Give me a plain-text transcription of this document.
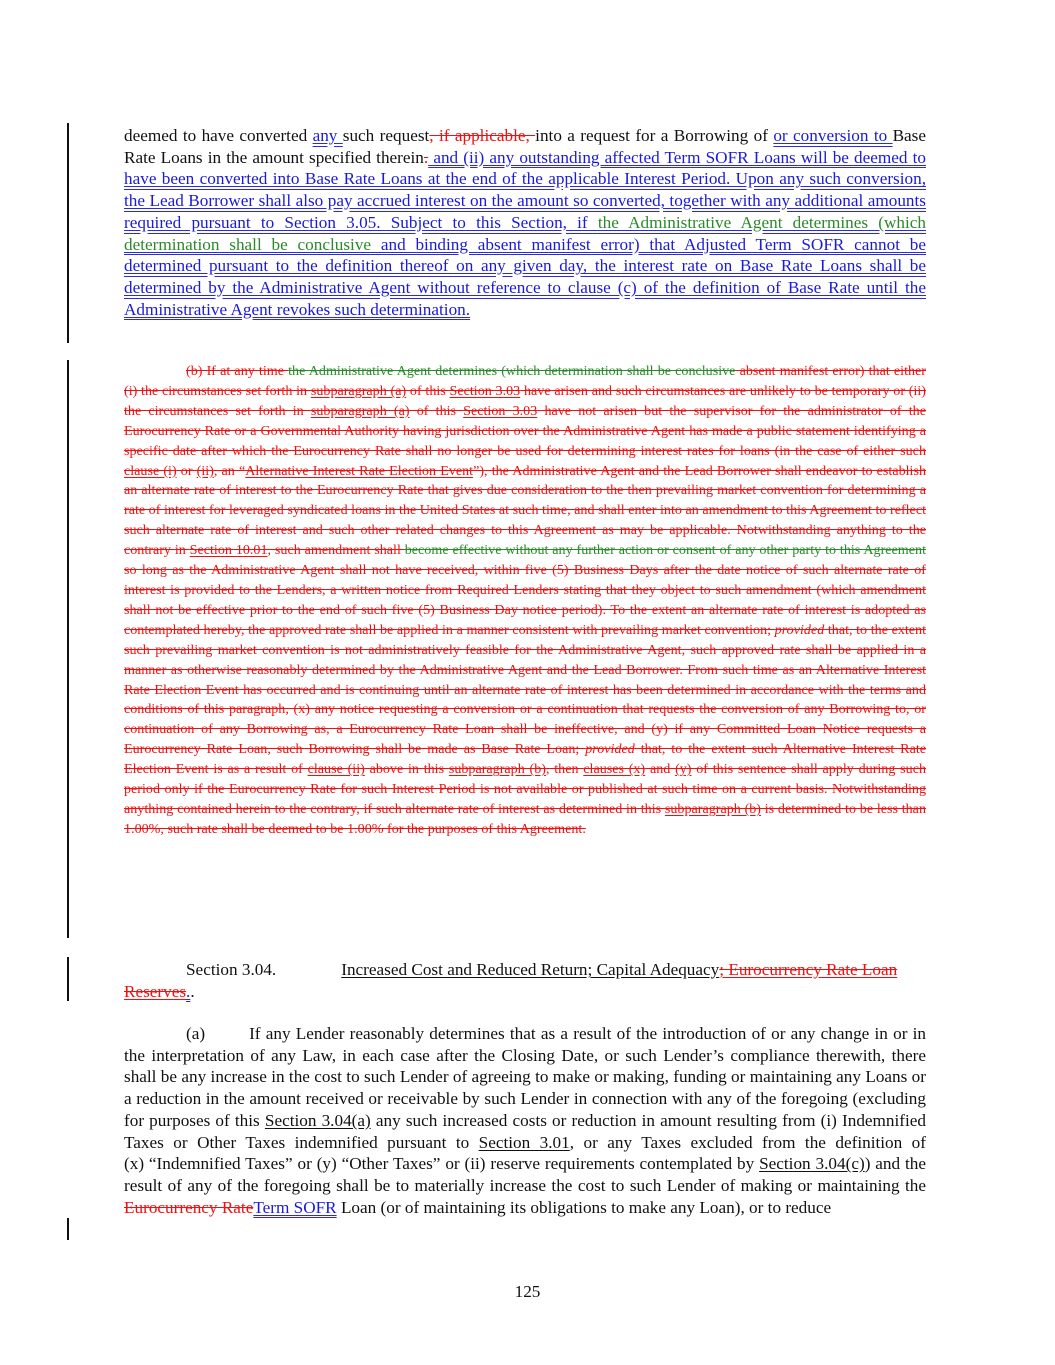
deemed to have converted any such request, if applicable, into a request for a Borrowing of or conversion to Base Rate Loans in the amount specified therein. and (ii) any outstanding affected Term SOFR Loans will be deemed to have been converted into Base Rate Loans at the end of the applicable Interest Period. Upon any such conversion, the Lead Borrower shall also pay accrued interest on the amount so converted, together with any additional amounts required pursuant to Section 3.05. Subject to this Section, if the Administrative Agent determines (which determination shall be conclusive and binding absent manifest error) that Adjusted Term SOFR cannot be determined pursuant to the definition thereof on any given day, the interest rate on Base Rate Loans shall be determined by the Administrative Agent without reference to clause (c) of the definition of Base Rate until the Administrative Agent revokes such determination.

(b) If at any time the Administrative Agent determines (which determination shall be conclusive absent manifest error) that either (i) the circumstances set forth in subparagraph (a) of this Section 3.03 have arisen and such circumstances are unlikely to be temporary or (ii) the circumstances set forth in subparagraph (a) of this Section 3.03 have not arisen but the supervisor for the administrator of the Eurocurrency Rate or a Governmental Authority having jurisdiction over the Administrative Agent has made a public statement identifying a specific date after which the Eurocurrency Rate shall no longer be used for determining interest rates for loans (in the case of either such clause (i) or (ii), an “Alternative Interest Rate Election Event”), the Administrative Agent and the Lead Borrower shall endeavor to establish an alternate rate of interest to the Eurocurrency Rate that gives due consideration to the then prevailing market convention for determining a rate of interest for leveraged syndicated loans in the United States at such time, and shall enter into an amendment to this Agreement to reflect such alternate rate of interest and such other related changes to this Agreement as may be applicable. Notwithstanding anything to the contrary in Section 10.01, such amendment shall become effective without any further action or consent of any other party to this Agreement so long as the Administrative Agent shall not have received, within five (5) Business Days after the date notice of such alternate rate of interest is provided to the Lenders, a written notice from Required Lenders stating that they object to such amendment (which amendment shall not be effective prior to the end of such five (5) Business Day notice period). To the extent an alternate rate of interest is adopted as contemplated hereby, the approved rate shall be applied in a manner consistent with prevailing market convention; provided that, to the extent such prevailing market convention is not administratively feasible for the Administrative Agent, such approved rate shall be applied in a manner as otherwise reasonably determined by the Administrative Agent and the Lead Borrower. From such time as an Alternative Interest Rate Election Event has occurred and is continuing until an alternate rate of interest has been determined in accordance with the terms and conditions of this paragraph, (x) any notice requesting a conversion or a continuation that requests the conversion of any Borrowing to, or continuation of any Borrowing as, a Eurocurrency Rate Loan shall be ineffective, and (y) if any Committed Loan Notice requests a Eurocurrency Rate Loan, such Borrowing shall be made as Base Rate Loan; provided that, to the extent such Alternative Interest Rate Election Event is as a result of clause (ii) above in this subparagraph (b), then clauses (x) and (y) of this sentence shall apply during such period only if the Eurocurrency Rate for such Interest Period is not available or published at such time on a current basis. Notwithstanding anything contained herein to the contrary, if such alternate rate of interest as determined in this subparagraph (b) is determined to be less than 1.00%, such rate shall be deemed to be 1.00% for the purposes of this Agreement.

Section 3.04.	Increased Cost and Reduced Return; Capital Adequacy; Eurocurrency Rate Loan Reserves..

(a)	If any Lender reasonably determines that as a result of the introduction of or any change in or in the interpretation of any Law, in each case after the Closing Date, or such Lender’s compliance therewith, there shall be any increase in the cost to such Lender of agreeing to make or making, funding or maintaining any Loans or a reduction in the amount received or receivable by such Lender in connection with any of the foregoing (excluding for purposes of this Section 3.04(a) any such increased costs or reduction in amount resulting from (i) Indemnified Taxes or Other Taxes indemnified pursuant to Section 3.01, or any Taxes excluded from the definition of (x) “Indemnified Taxes” or (y) “Other Taxes” or (ii) reserve requirements contemplated by Section 3.04(c)) and the result of any of the foregoing shall be to materially increase the cost to such Lender of making or maintaining the Eurocurrency RateTerm SOFR Loan (or of maintaining its obligations to make any Loan), or to reduce

125
